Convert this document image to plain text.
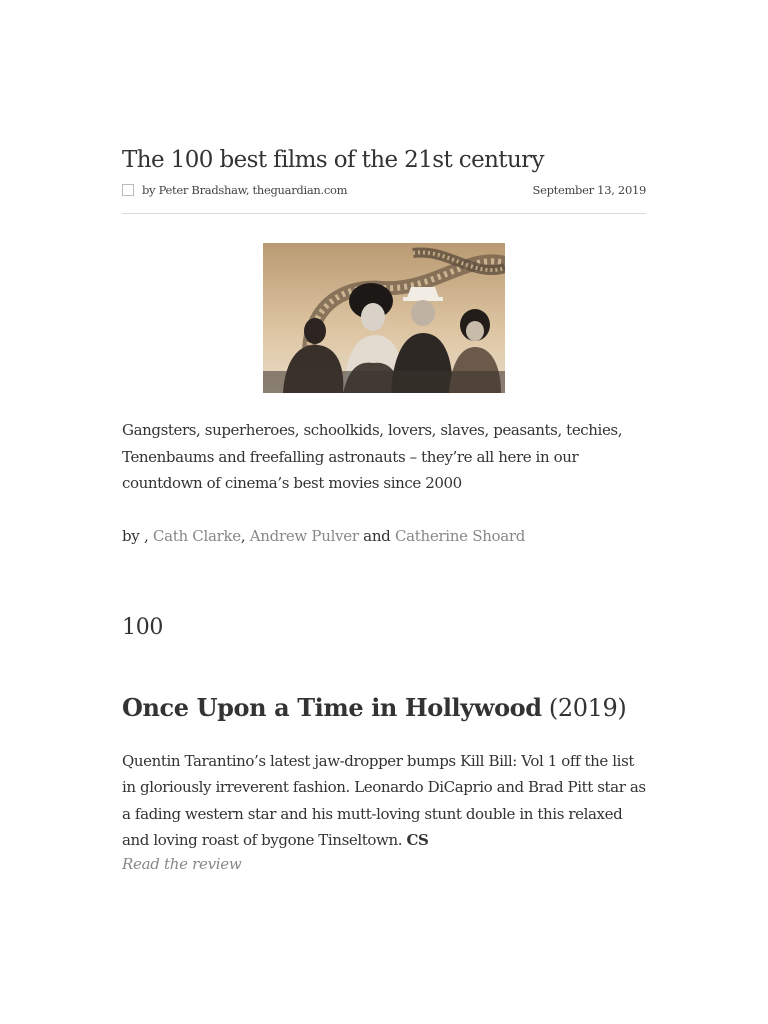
The 100 best films of the 21st century
by Peter Bradshaw, theguardian.com	September 13, 2019
Gangsters, superheroes, schoolkids, lovers, slaves, peasants, techies, Tenenbaums and freefalling astronauts – they’re all here in our countdown of cinema’s best movies since 2000
by , Cath Clarke, Andrew Pulver and Catherine Shoard
100
Once Upon a Time in Hollywood (2019)
Quentin Tarantino’s latest jaw-dropper bumps Kill Bill: Vol 1 off the list in gloriously irreverent fashion. Leonardo DiCaprio and Brad Pitt star as a fading western star and his mutt-loving stunt double in this relaxed and loving roast of bygone Tinseltown. CS
Read the review
